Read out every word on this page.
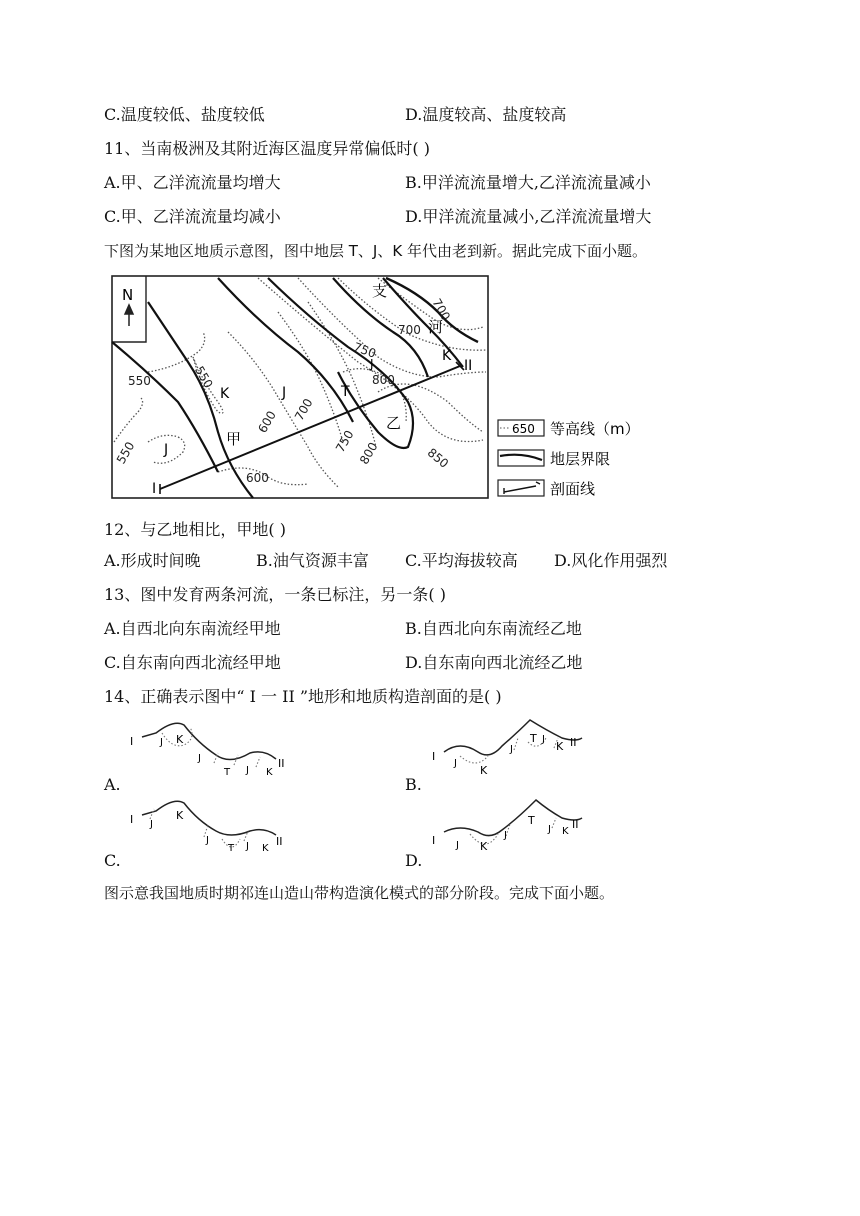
C.温度较低、盐度较低	D.温度较高、盐度较高
11、当南极洲及其附近海区温度异常偏低时( )
A.甲、乙洋流流量均增大	B.甲洋流流量增大,乙洋流流量减小
C.甲、乙洋流流量均减小	D.甲洋流流量减小,乙洋流流量增大
下图为某地区地质示意图，图中地层 T、J、K 年代由老到新。据此完成下面小题。
N	支
河
甲
乙
K	J	T
J	K
J
I
II
700
700
750
800
550	550
550
600 700
750 800	850
600
650 等高线（m）
地层界限
剖面线
12、与乙地相比，甲地( )
A.形成时间晚	B.油气资源丰富 C.平均海拔较高 D.风化作用强烈
13、图中发育两条河流，一条已标注，另一条( )
A.自西北向东南流经甲地	B.自西北向东南流经乙地
C.自东南向西北流经甲地	D.自东南向西北流经乙地
14、正确表示图中“ I 一 II ”地形和地质构造剖面的是( )
I	J K
J
T J K
II
A.
I
J
K
J
T J
K II
B.
I J
K
J
T J K
II
C.
I J K
J
T
J K
II
D.
图示意我国地质时期祁连山造山带构造演化模式的部分阶段。完成下面小题。
